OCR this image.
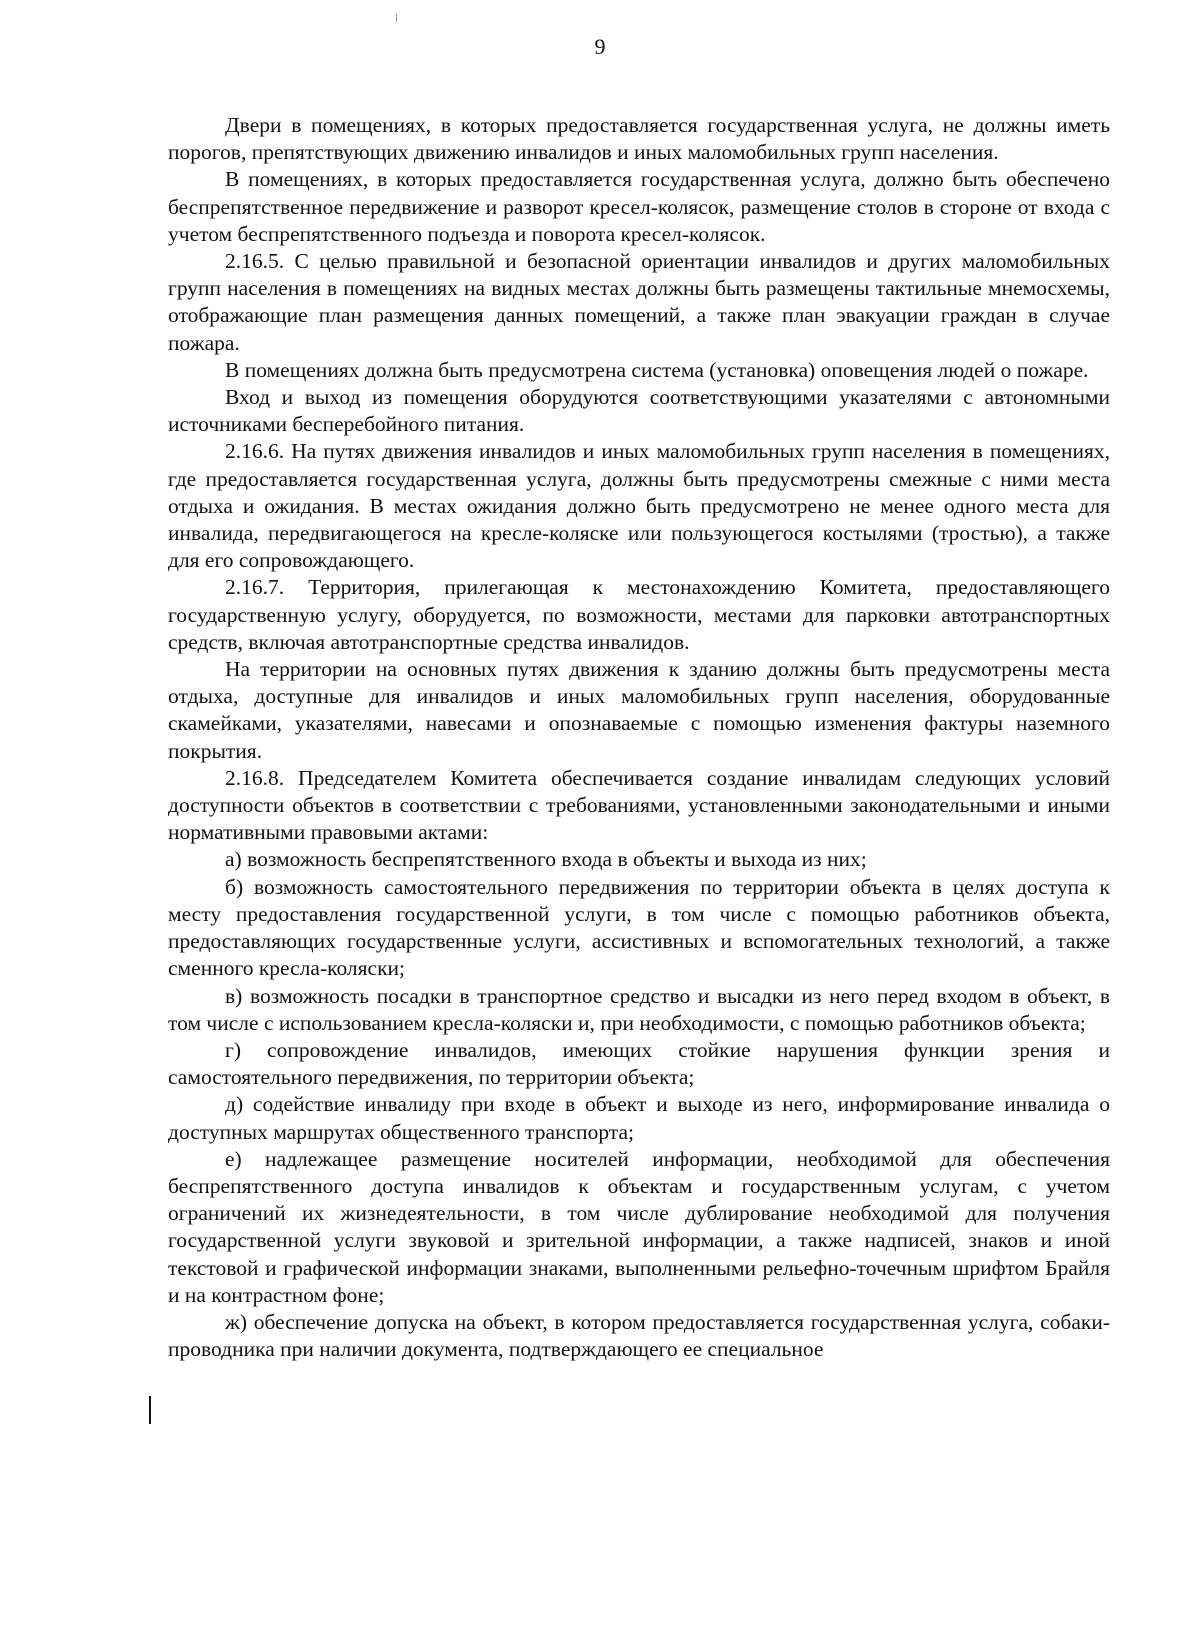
9

Двери в помещениях, в которых предоставляется государственная услуга, не должны иметь порогов, препятствующих движению инвалидов и иных маломобильных групп населения.

В помещениях, в которых предоставляется государственная услуга, должно быть обеспечено беспрепятственное передвижение и разворот кресел-колясок, размещение столов в стороне от входа с учетом беспрепятственного подъезда и поворота кресел-колясок.

2.16.5. С целью правильной и безопасной ориентации инвалидов и других маломобильных групп населения в помещениях на видных местах должны быть размещены тактильные мнемосхемы, отображающие план размещения данных помещений, а также план эвакуации граждан в случае пожара.

В помещениях должна быть предусмотрена система (установка) оповещения людей о пожаре.

Вход и выход из помещения оборудуются соответствующими указателями с автономными источниками бесперебойного питания.

2.16.6. На путях движения инвалидов и иных маломобильных групп населения в помещениях, где предоставляется государственная услуга, должны быть предусмотрены смежные с ними места отдыха и ожидания. В местах ожидания должно быть предусмотрено не менее одного места для инвалида, передвигающегося на кресле-коляске или пользующегося костылями (тростью), а также для его сопровождающего.

2.16.7. Территория, прилегающая к местонахождению Комитета, предоставляющего государственную услугу, оборудуется, по возможности, местами для парковки автотранспортных средств, включая автотранспортные средства инвалидов.

На территории на основных путях движения к зданию должны быть предусмотрены места отдыха, доступные для инвалидов и иных маломобильных групп населения, оборудованные скамейками, указателями, навесами и опознаваемые с помощью изменения фактуры наземного покрытия.

2.16.8. Председателем Комитета обеспечивается создание инвалидам следующих условий доступности объектов в соответствии с требованиями, установленными законодательными и иными нормативными правовыми актами:

а) возможность беспрепятственного входа в объекты и выхода из них;

б) возможность самостоятельного передвижения по территории объекта в целях доступа к месту предоставления государственной услуги, в том числе с помощью работников объекта, предоставляющих государственные услуги, ассистивных и вспомогательных технологий, а также сменного кресла-коляски;

в) возможность посадки в транспортное средство и высадки из него перед входом в объект, в том числе с использованием кресла-коляски и, при необходимости, с помощью работников объекта;

г) сопровождение инвалидов, имеющих стойкие нарушения функции зрения и самостоятельного передвижения, по территории объекта;

д) содействие инвалиду при входе в объект и выходе из него, информирование инвалида о доступных маршрутах общественного транспорта;

е) надлежащее размещение носителей информации, необходимой для обеспечения беспрепятственного доступа инвалидов к объектам и государственным услугам, с учетом ограничений их жизнедеятельности, в том числе дублирование необходимой для получения государственной услуги звуковой и зрительной информации, а также надписей, знаков и иной текстовой и графической информации знаками, выполненными рельефно-точечным шрифтом Брайля и на контрастном фоне;

ж) обеспечение допуска на объект, в котором предоставляется государственная услуга, собаки-проводника при наличии документа, подтверждающего ее специальное
